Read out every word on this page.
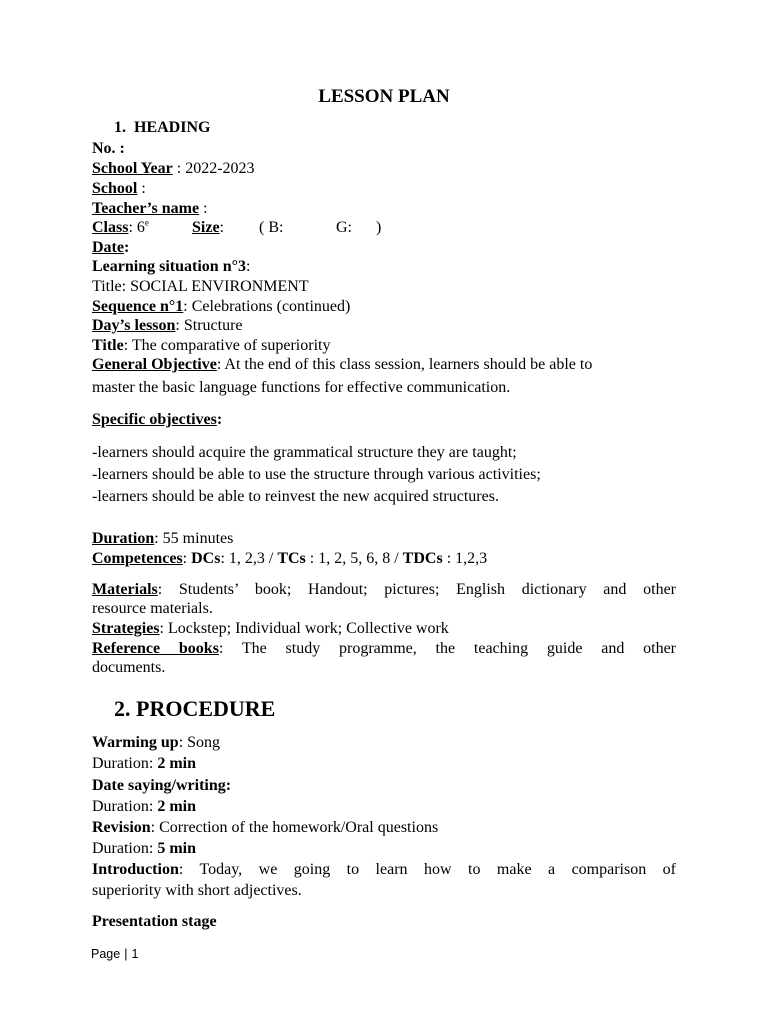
LESSON PLAN
1. HEADING
No. :
School Year : 2022-2023
School :
Teacher’s name :
Class: 6e	Size: ( B:	G: )
Date:
Learning situation n°3:
Title: SOCIAL ENVIRONMENT
Sequence n°1: Celebrations (continued)
Day’s lesson: Structure
Title: The comparative of superiority
General Objective: At the end of this class session, learners should be able to
master the basic language functions for effective communication.
Specific objectives:
-learners should acquire the grammatical structure they are taught;
-learners should be able to use the structure through various activities;
-learners should be able to reinvest the new acquired structures.
Duration: 55 minutes
Competences: DCs: 1, 2,3 / TCs : 1, 2, 5, 6, 8 / TDCs : 1,2,3
Materials: Students’ book; Handout; pictures; English dictionary and other
resource materials.
Strategies: Lockstep; Individual work; Collective work
Reference books: The study programme, the teaching guide and other
documents.
2. PROCEDURE
Warming up: Song
Duration: 2 min
Date saying/writing:
Duration: 2 min
Revision: Correction of the homework/Oral questions
Duration: 5 min
Introduction: Today, we going to learn how to make a comparison of
superiority with short adjectives.
Presentation stage
Page | 1
